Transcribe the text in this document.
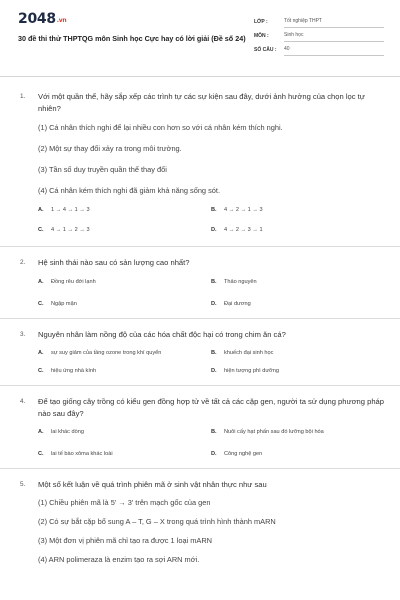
2048.vn
30 đề thi thử THPTQG môn Sinh học Cực hay có lời giải (Đề số 24)
LỚP :	Tốt nghiệp THPT
MÔN :	Sinh học
SỐ CÂU :	40
1.	Với một quần thể, hãy sắp xếp các trình tự các sự kiện sau đây, dưới ảnh hưởng của chọn lọc tự nhiên?
(1) Cá nhân thích nghi để lại nhiều con hơn so với cá nhân kém thích nghi.
(2) Một sự thay đổi xảy ra trong môi trường.
(3) Tần số duy truyền quần thể thay đổi
(4) Cá nhân kém thích nghi đã giảm khả năng sống sót.
A.	1 → 4 → 1 → 3	B.	4 → 2 → 1 → 3
C.	4 → 1 → 2 → 3	D.	4 → 2 → 3 → 1
2.	Hệ sinh thái nào sau có sản lượng cao nhất?
A.	Đồng rêu đới lạnh	B.	Thảo nguyên
C.	Ngập mặn	D.	Đại dương
3.	Nguyên nhân làm nồng độ của các hóa chất độc hại có trong chim ăn cá?
A.	sự suy giảm của tầng ozone trong khí quyển	B.	khuếch đại sinh học
C.	hiệu ứng nhà kính	D.	hiện tượng phì dưỡng
4.	Để tạo giống cây trồng có kiểu gen đồng hợp tử về tất cả các cặp gen, người ta sử dụng phương pháp nào sau đây?
A.	lai khác dòng	B.	Nuôi cấy hạt phấn sau đó lưỡng bội hóa
C.	lai tế bào xôma khác loài	D.	Công nghệ gen
5.	Một số kết luận về quá trình phiên mã ở sinh vật nhân thực như sau
(1) Chiều phiên mã là 5' → 3' trên mạch gốc của gen
(2) Có sự bắt cặp bổ sung A – T, G – X trong quá trình hình thành mARN
(3) Một đơn vị phiên mã chỉ tạo ra được 1 loại mARN
(4) ARN polimeraza là enzim tạo ra sợi ARN mới.
